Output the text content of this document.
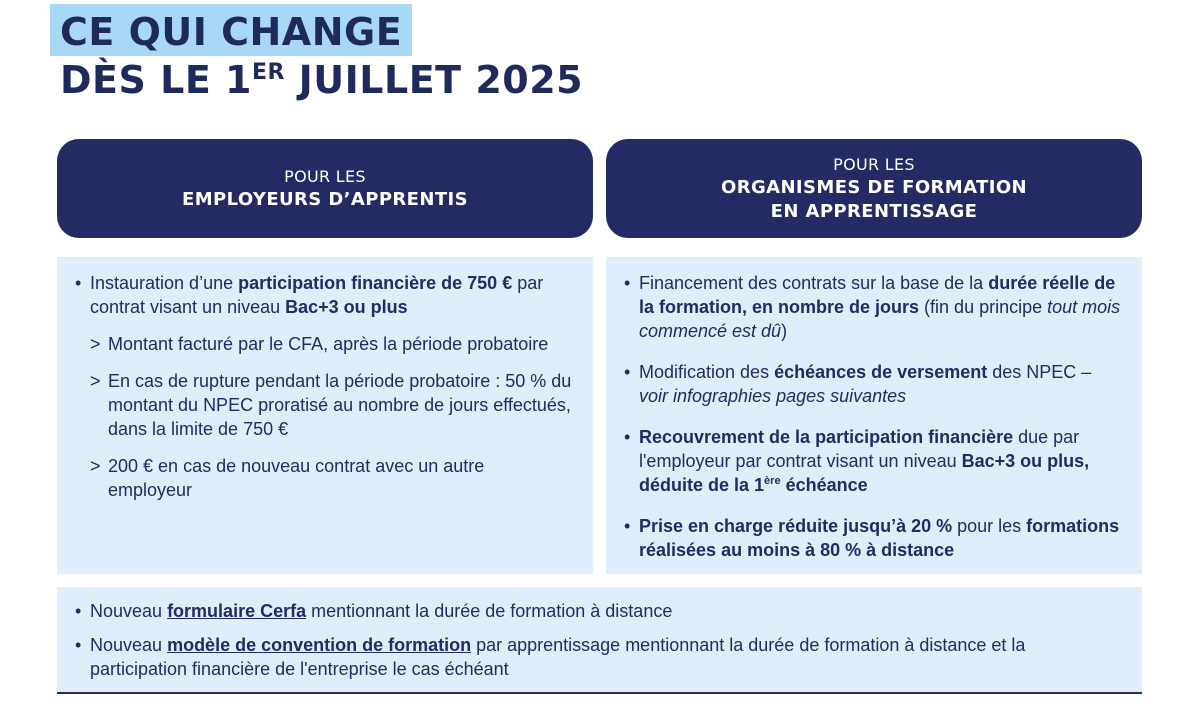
CE QUI CHANGE
DÈS LE 1ER JUILLET 2025
POUR LES
EMPLOYEURS D’APPRENTIS
POUR LES
ORGANISMES DE FORMATION
EN APPRENTISSAGE
• Instauration d’une participation financière de 750 € par contrat visant un niveau Bac+3 ou plus
> Montant facturé par le CFA, après la période probatoire
> En cas de rupture pendant la période probatoire : 50 % du montant du NPEC proratisé au nombre de jours effectués, dans la limite de 750 €
> 200 € en cas de nouveau contrat avec un autre employeur
• Financement des contrats sur la base de la durée réelle de la formation, en nombre de jours (fin du principe tout mois commencé est dû)
• Modification des échéances de versement des NPEC – voir infographies pages suivantes
• Recouvrement de la participation financière due par l'employeur par contrat visant un niveau Bac+3 ou plus, déduite de la 1ère échéance
• Prise en charge réduite jusqu’à 20 % pour les formations réalisées au moins à 80 % à distance
• Nouveau formulaire Cerfa mentionnant la durée de formation à distance
• Nouveau modèle de convention de formation par apprentissage mentionnant la durée de formation à distance et la participation financière de l'entreprise le cas échéant
